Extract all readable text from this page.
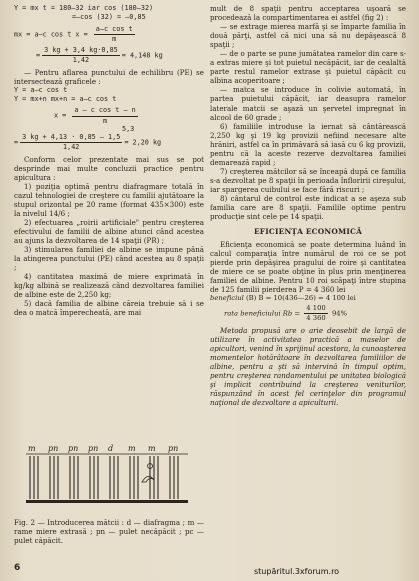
Y = mx t = 180—32 iar cos (180—32)
=—cos (32) = —0,85
mx = a—c cos t $x = \frac{\text{a—c cos t}}{m}$
= $\frac{3 kg + 3,4 kg\cdot 0,85}{1,42} = 4,148$ kg
— Pentru aflarea punctului de echilibru (PE) se intersectează graficele :
Y = a—c cos t
Y = mx+n mx+n = a—c cos t
$x = \frac{\text{a — c cos t — n}}{m}$
5,3
= $\frac{3 kg + 4,13 \cdot 0,85 — 1,5}{1,42} = 2,20$ kg
Conform celor prezentate mai sus se pot desprinde mai multe concluzii practice pentru apicultura :
1) poziţia optimă pentru diafragmare totală în cazul tehnologiei de creştere cu familii ajutătoare la stupul orizontal pe 20 rame (format 435×300) este la nivelul 14/6 ;
2) efectuarea „roirii artificiale" pentru creşterea efectivului de familii de albine atunci când acestea au ajuns la dezvoltarea de 14 spaţii (PR) ;
3) stimularea familiei de albine se impune până la atingerea punctului (PE) când acestea au 8 spaţii ;
4) cantitatea maximă de miere exprimată în kg/kg albină se realizează când dezvoltarea familiei de albine este de 2,250 kg;
5) dacă familia de albine căreia trebuie să i se dea o matcă împerecheată, are mai
m pn pn pn d m m pn
Fig. 2 — Introducerea mătcii : d — diafragma ; m — rame miere extrasă ; pn — pulet necăpăcit ; pc — pulet căpăcit.
mult de 8 spaţii pentru acceptarea uşoară se procedează la compartimentarea ei astfel (fig 2) :
— se extrage mierea marfă şi se împarte familia în două părţi, astfel că nici una să nu depăşească 8 spaţii ;
— de o parte se pune jumătatea ramelor din care s-a extras miere şi tot puietul necăpăcit, iar de cealaltă parte restul ramelor extrase şi puietul căpăcit cu albina acoperitoare ;
— matca se introduce în colivie automată, în partea puietului căpăcit, iar deasupra ramelor laterale matcii se aşază un şervetel impregnat în alcool de 60 grade ;
6) familiile introduse la iernat să cântărească 2,250 kg şi 19 kg provizii nefiind necesare alte hrăniri, astfel ca în primăvară să iasă cu 6 kg provizii, pentru că la aceste rezerve dezvoltarea familiei demarează rapid ;
7) creşterea mătcilor să se înceapă după ce familia s-a dezvoltat pe 8 spaţii în perioada înfloririi cireşului, iar spargerea cuibului se face fără riscuri ;
8) cântarul de control este indicat a se aşeza sub familia care are 8 spaţii. Familile optime pentru producţie sint cele pe 14 spaţii.
EFICIENŢA ECONOMICĂ
Eficienţa economică se poate determina luând în calcul comparaţia între numărul de roi ce se pot pierde prin depăşirea pragului de roire şi cantitatea de miere ce se poate obţine în plus prin menţinerea familiei de albine. Pentru 10 roi scăpaţi între stupina de 125 familii pierderea P = 4 360 lei
beneficiul (B) B = 10(436—26) = 4 100 lei
rata beneficiului $Rb = \frac{4 100}{4 360} 94\%$
Metoda propusă are o arie deosebit de largă de utilizare în activitatea practică a maselor de apicultori, venind în sprijinul acestora, la cunoaşterea momentelor hotărâtoare în dezvoltarea familiilor de albine, pentru a şti să intervină în timpul optim, pentru creşterea randamentului pe unitatea biologică şi implicit contribuind la creşterea veniturilor, răspunzând în acest fel cerinţelor din programul naţional de dezvoltare a apiculturii.
6	stupăritul.3xforum.ro
